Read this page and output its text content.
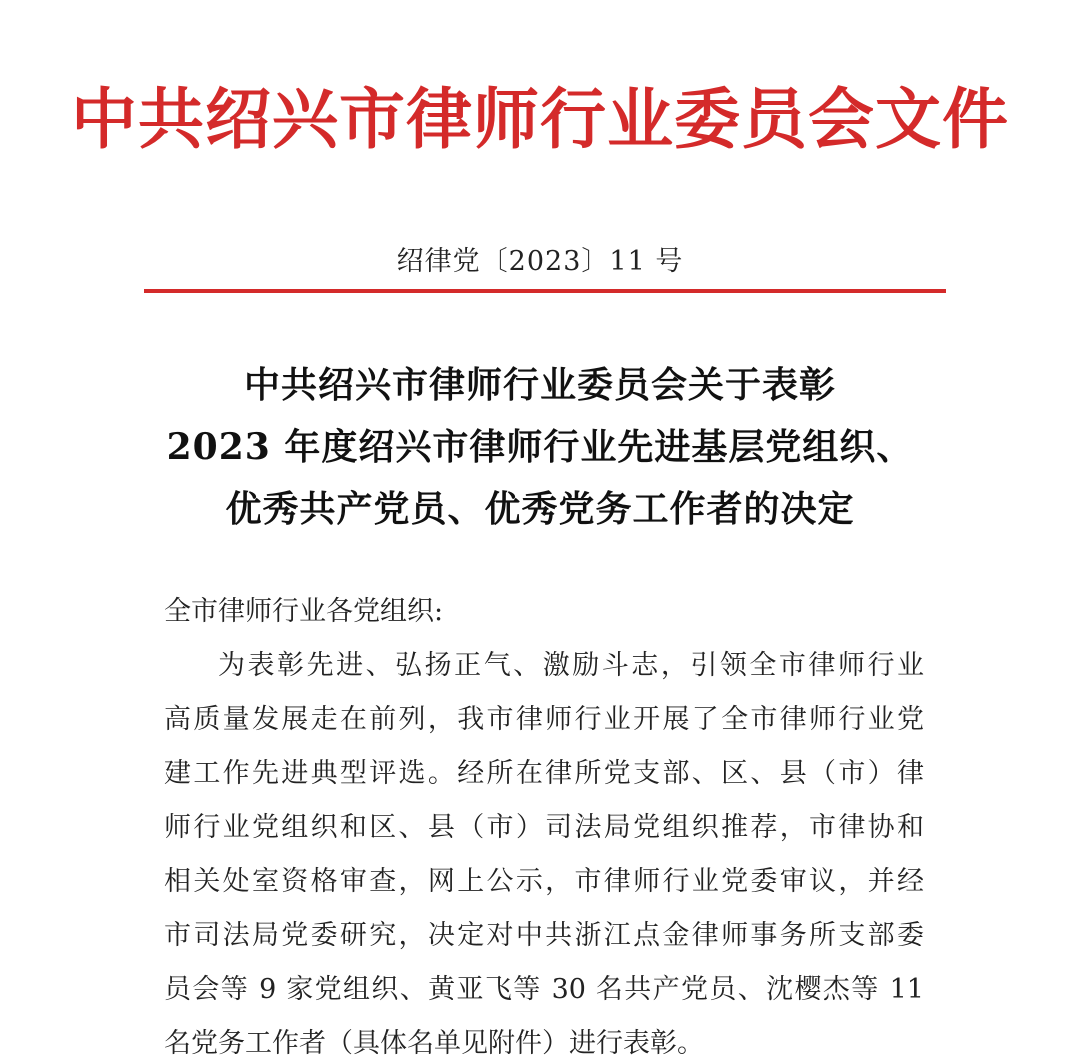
中共绍兴市律师行业委员会文件
绍律党〔2023〕11 号
中共绍兴市律师行业委员会关于表彰
2023 年度绍兴市律师行业先进基层党组织、
优秀共产党员、优秀党务工作者的决定
全市律师行业各党组织:
为表彰先进、弘扬正气、激励斗志，引领全市律师行业
高质量发展走在前列，我市律师行业开展了全市律师行业党
建工作先进典型评选。经所在律所党支部、区、县（市）律
师行业党组织和区、县（市）司法局党组织推荐，市律协和
相关处室资格审查，网上公示，市律师行业党委审议，并经
市司法局党委研究，决定对中共浙江点金律师事务所支部委
员会等 9 家党组织、黄亚飞等 30 名共产党员、沈樱杰等 11
名党务工作者（具体名单见附件）进行表彰。
